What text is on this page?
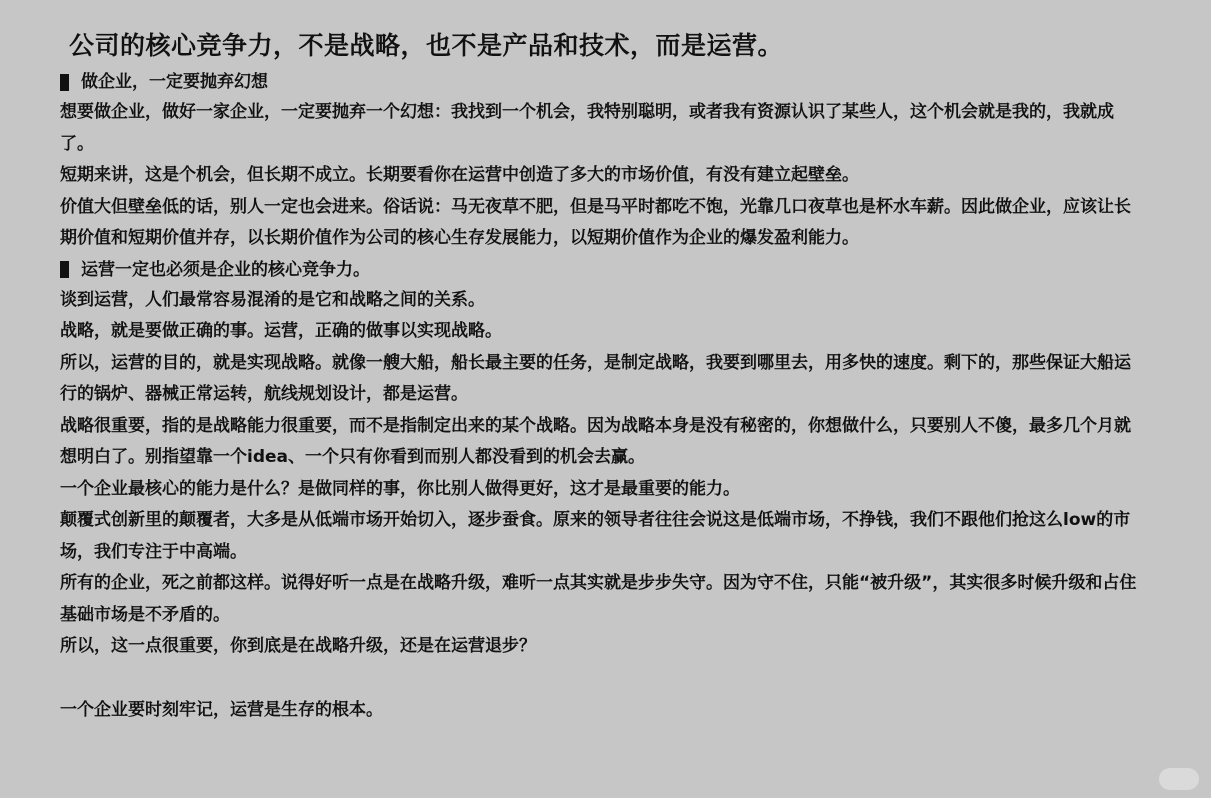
公司的核心竞争力，不是战略，也不是产品和技术，而是运营。
做企业，一定要抛弃幻想

想要做企业，做好一家企业，一定要抛弃一个幻想：我找到一个机会，我特别聪明，或者我有资源认识了某些人，这个机会就是我的，我就成了。

短期来讲，这是个机会，但长期不成立。长期要看你在运营中创造了多大的市场价值，有没有建立起壁垒。

价值大但壁垒低的话，别人一定也会进来。俗话说：马无夜草不肥，但是马平时都吃不饱，光靠几口夜草也是杯水车薪。因此做企业，应该让长期价值和短期价值并存，以长期价值作为公司的核心生存发展能力，以短期价值作为企业的爆发盈利能力。

运营一定也必须是企业的核心竞争力。

谈到运营，人们最常容易混淆的是它和战略之间的关系。

战略，就是要做正确的事。运营，正确的做事以实现战略。

所以，运营的目的，就是实现战略。就像一艘大船，船长最主要的任务，是制定战略，我要到哪里去，用多快的速度。剩下的，那些保证大船运行的锅炉、器械正常运转，航线规划设计，都是运营。

战略很重要，指的是战略能力很重要，而不是指制定出来的某个战略。因为战略本身是没有秘密的，你想做什么，只要别人不傻，最多几个月就想明白了。别指望靠一个idea、一个只有你看到而别人都没看到的机会去赢。

一个企业最核心的能力是什么？是做同样的事，你比别人做得更好，这才是最重要的能力。

颠覆式创新里的颠覆者，大多是从低端市场开始切入，逐步蚕食。原来的领导者往往会说这是低端市场，不挣钱，我们不跟他们抢这么low的市场，我们专注于中高端。

所有的企业，死之前都这样。说得好听一点是在战略升级，难听一点其实就是步步失守。因为守不住，只能“被升级”，其实很多时候升级和占住基础市场是不矛盾的。

所以，这一点很重要，你到底是在战略升级，还是在运营退步？

一个企业要时刻牢记，运营是生存的根本。
